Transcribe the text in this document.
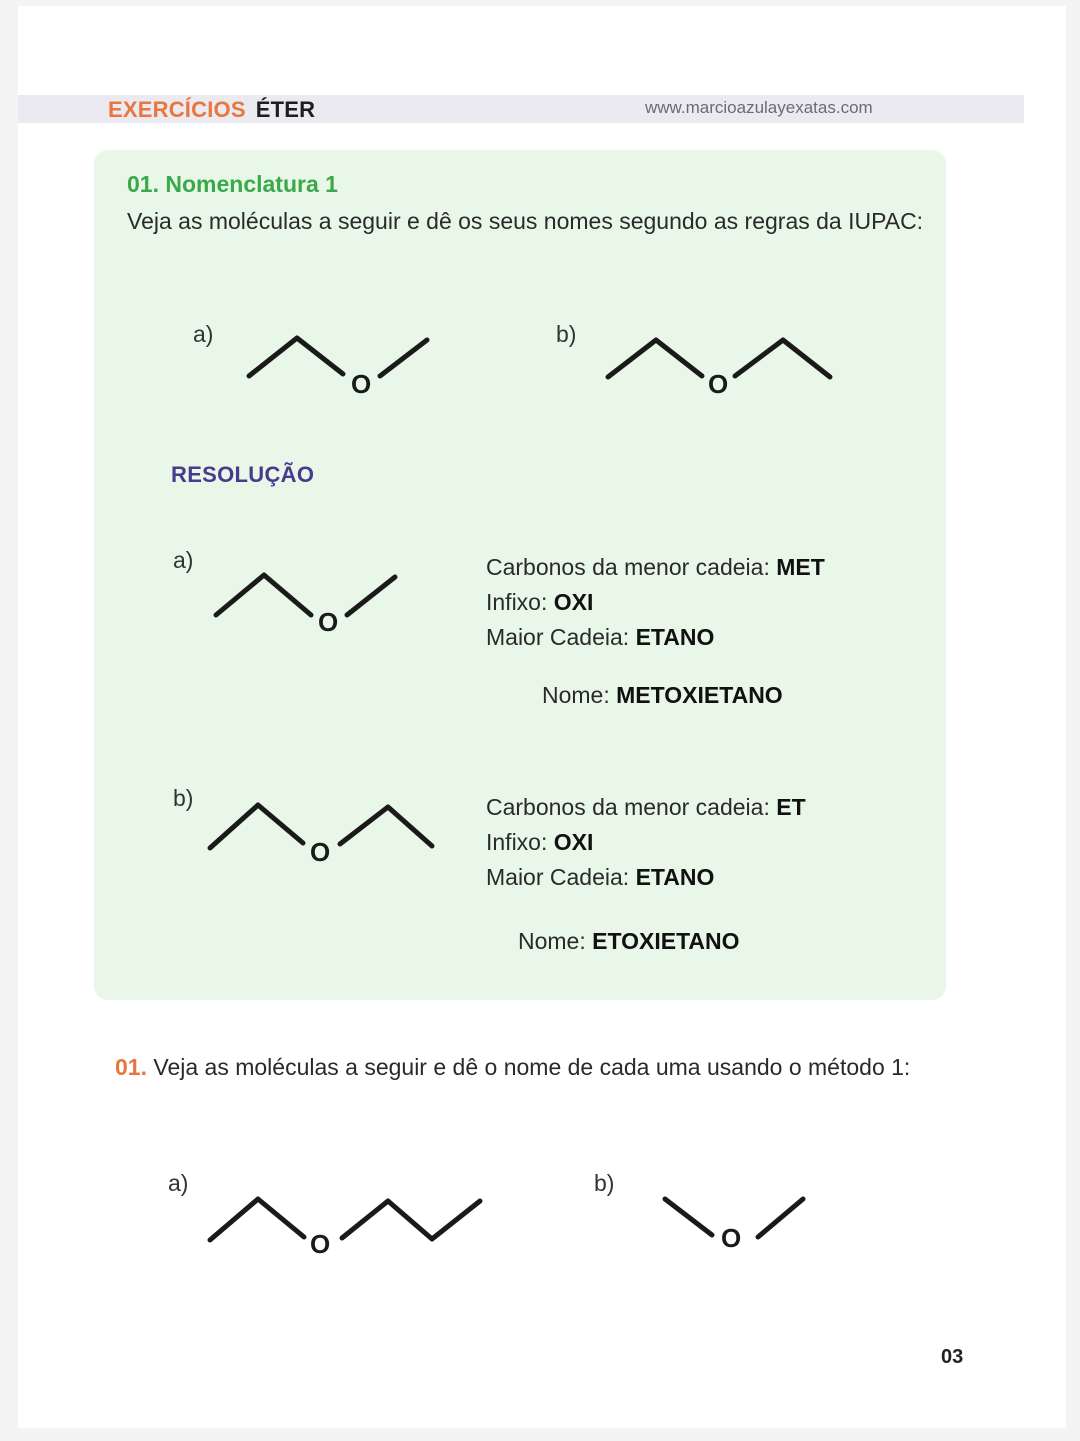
EXERCÍCIOS ÉTER	www.marcioazulayexatas.com
01. Nomenclatura 1
Veja as moléculas a seguir e dê os seus nomes segundo as regras da IUPAC:
a)
O
b)
O
RESOLUÇÃO
a)
O
Carbonos da menor cadeia: MET
Infixo: OXI
Maior Cadeia: ETANO
Nome: METOXIETANO
b)
O
Carbonos da menor cadeia: ET
Infixo: OXI
Maior Cadeia: ETANO
Nome: ETOXIETANO
01. Veja as moléculas a seguir e dê o nome de cada uma usando o método 1:
a)
O
b)
O
03
